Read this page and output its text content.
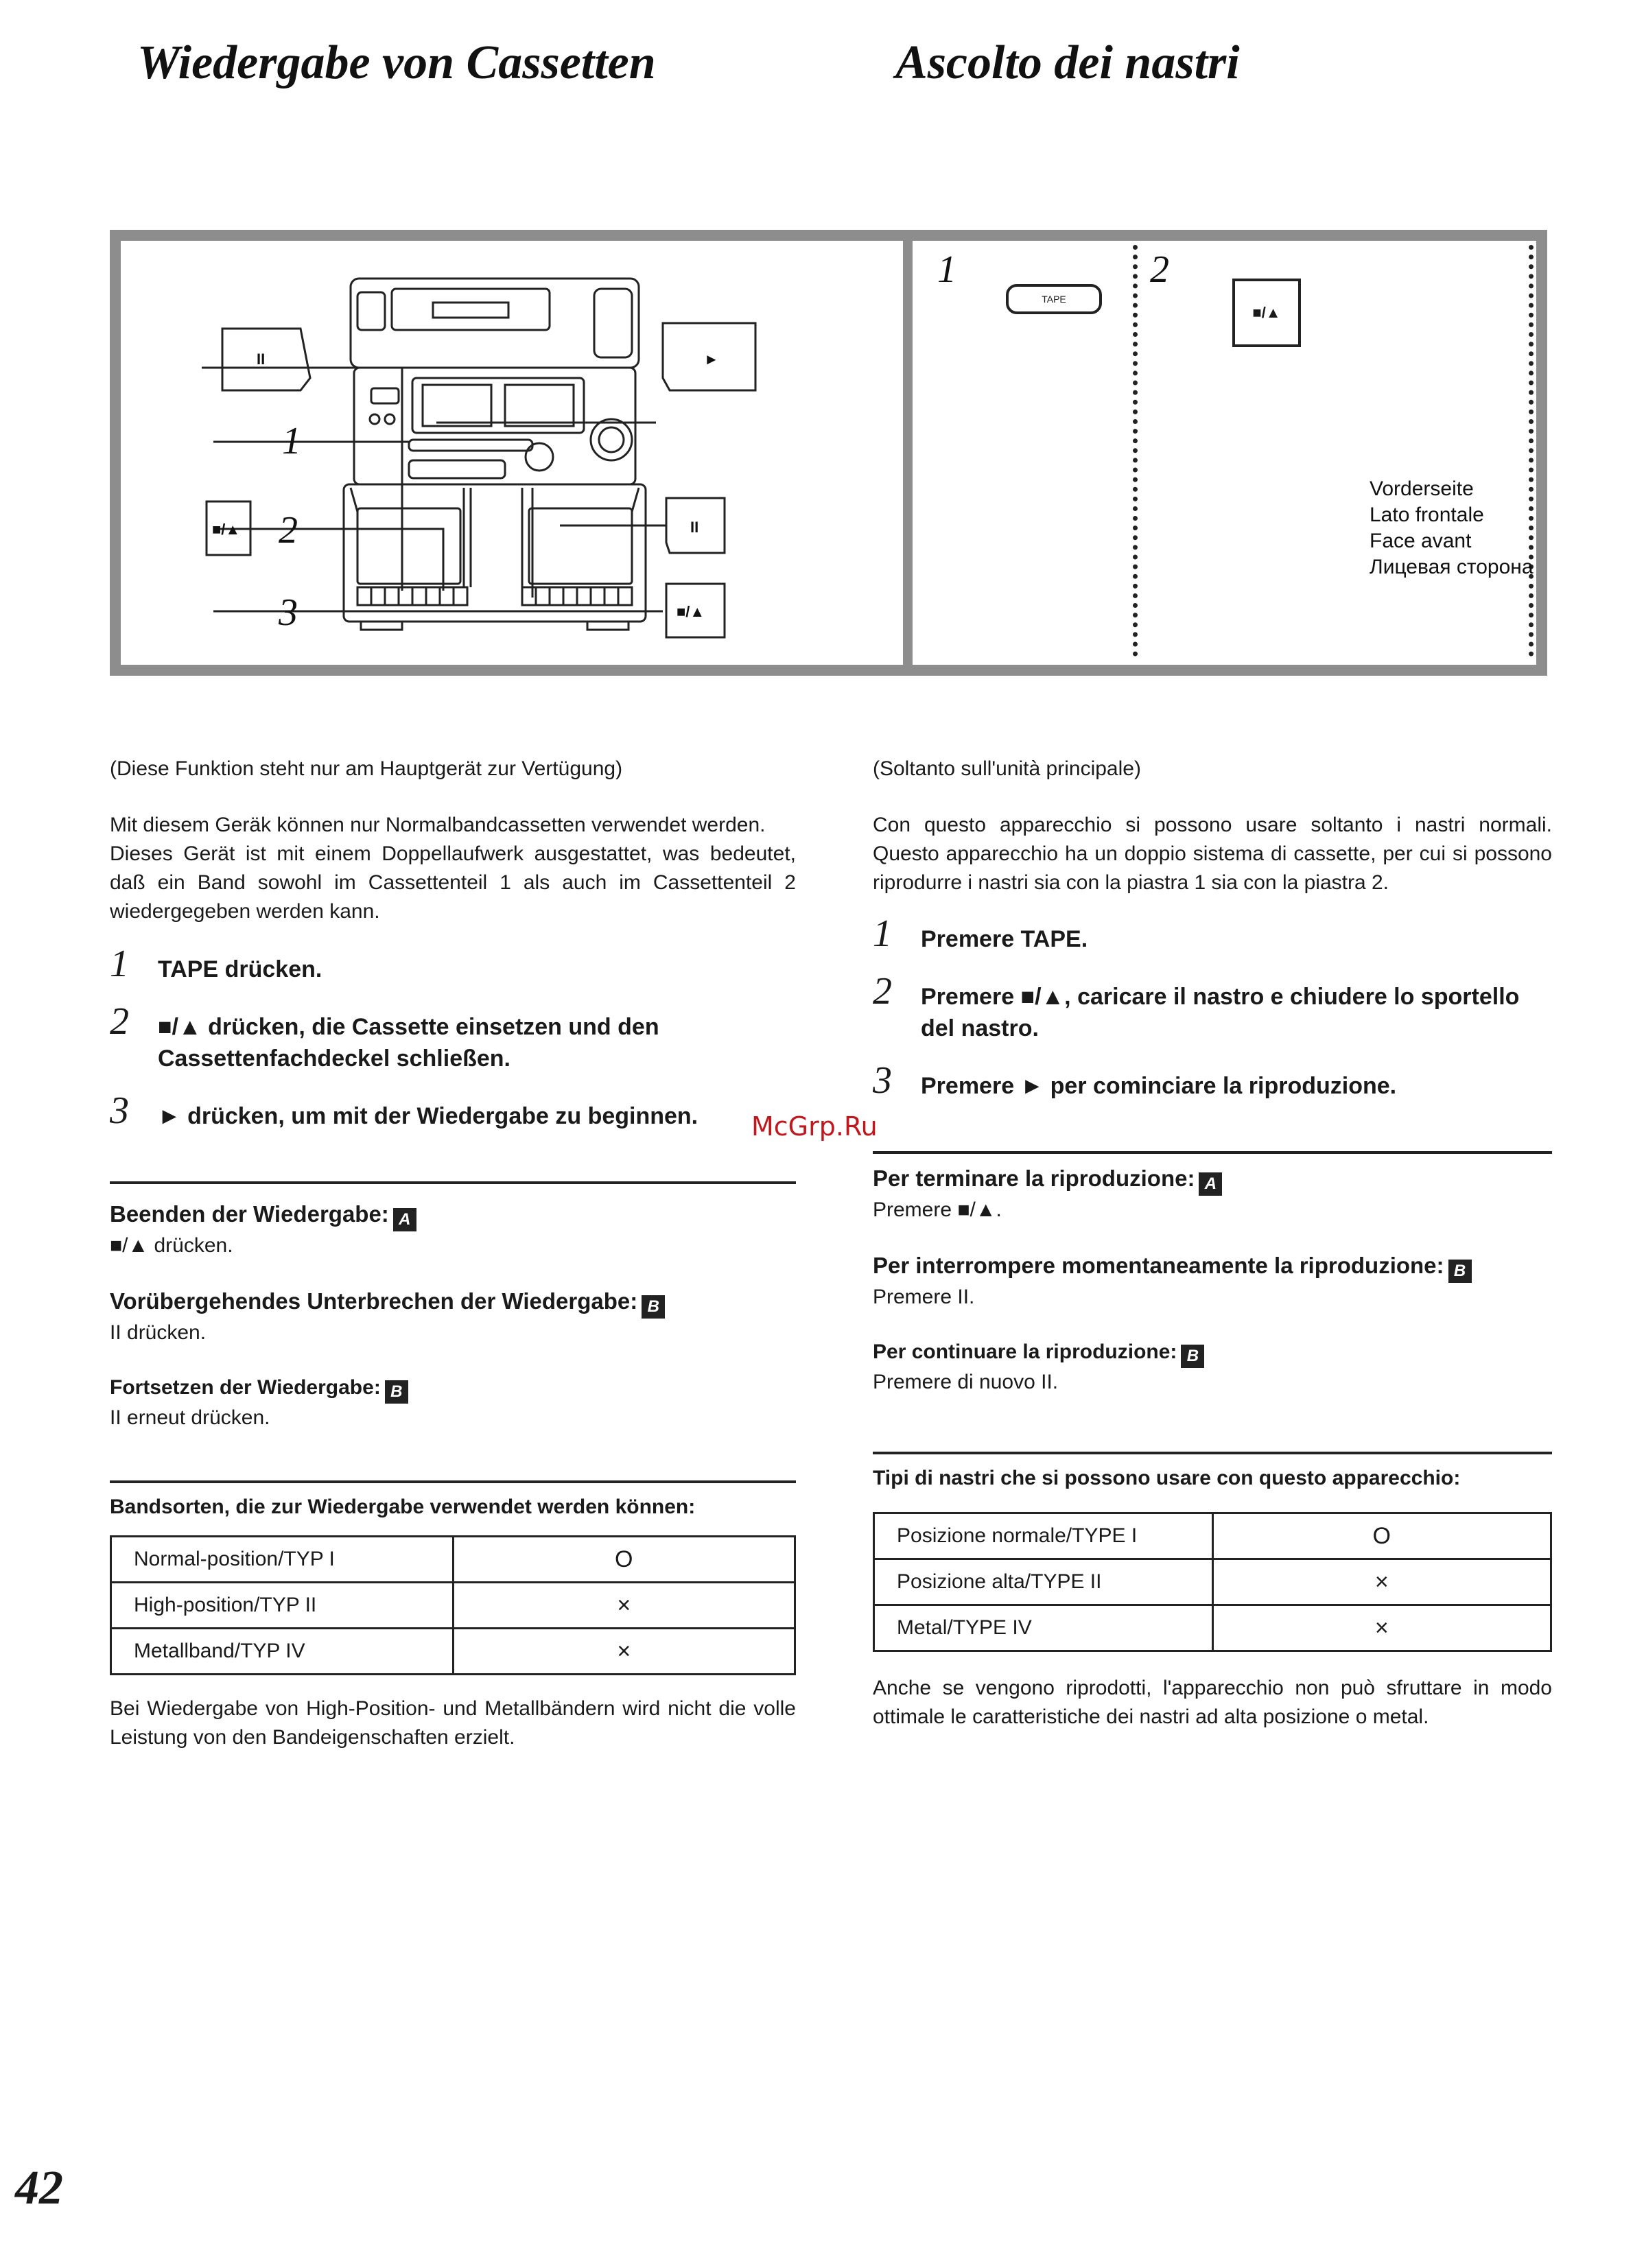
Wiedergabe von Cassetten	Ascolto dei nastri
II	►
■/▲	II
■/▲
1
2
3
1
TAPE
2
■/▲
Vorderseite
Lato frontale
Face avant
Лицевая сторона

(Diese Funktion steht nur am Hauptgerät zur Vertügung)

Mit diesem Geräk können nur Normalbandcassetten verwendet werden.

Dieses Gerät ist mit einem Doppellaufwerk ausgestattet, was bedeutet, daß ein Band sowohl im Cassettenteil 1 als auch im Cassettenteil 2 wiedergegeben werden kann.

1 TAPE drücken.
2 ■/▲ drücken, die Cassette einsetzen und den Cassettenfachdeckel schließen.
3 ► drücken, um mit der Wiedergabe zu beginnen.
Beenden der Wiedergabe: A
■/▲ drücken.
Vorübergehendes Unterbrechen der Wiedergabe: B
II drücken.
Fortsetzen der Wiedergabe: B
II erneut drücken.
Bandsorten, die zur Wiedergabe verwendet werden können:
Normal-position/TYP I	O
High-position/TYP II	×
Metallband/TYP IV	×

Bei Wiedergabe von High-Position- und Metallbändern wird nicht die volle Leistung von den Bandeigenschaften erzielt.

(Soltanto sull'unità principale)

Con questo apparecchio si possono usare soltanto i nastri normali. Questo apparecchio ha un doppio sistema di cassette, per cui si possono riprodurre i nastri sia con la piastra 1 sia con la piastra 2.

1 Premere TAPE.
2 Premere ■/▲, caricare il nastro e chiudere lo sportello del nastro.
3 Premere ► per cominciare la riproduzione.
Per terminare la riproduzione: A
Premere ■/▲.
Per interrompere momentaneamente la riproduzione: B
Premere II.
Per continuare la riproduzione: B
Premere di nuovo II.
Tipi di nastri che si possono usare con questo apparecchio:
Posizione normale/TYPE I	O
Posizione alta/TYPE II	×
Metal/TYPE IV	×

Anche se vengono riprodotti, l'apparecchio non può sfruttare in modo ottimale le caratteristiche dei nastri ad alta posizione o metal.

McGrp.Ru
42
